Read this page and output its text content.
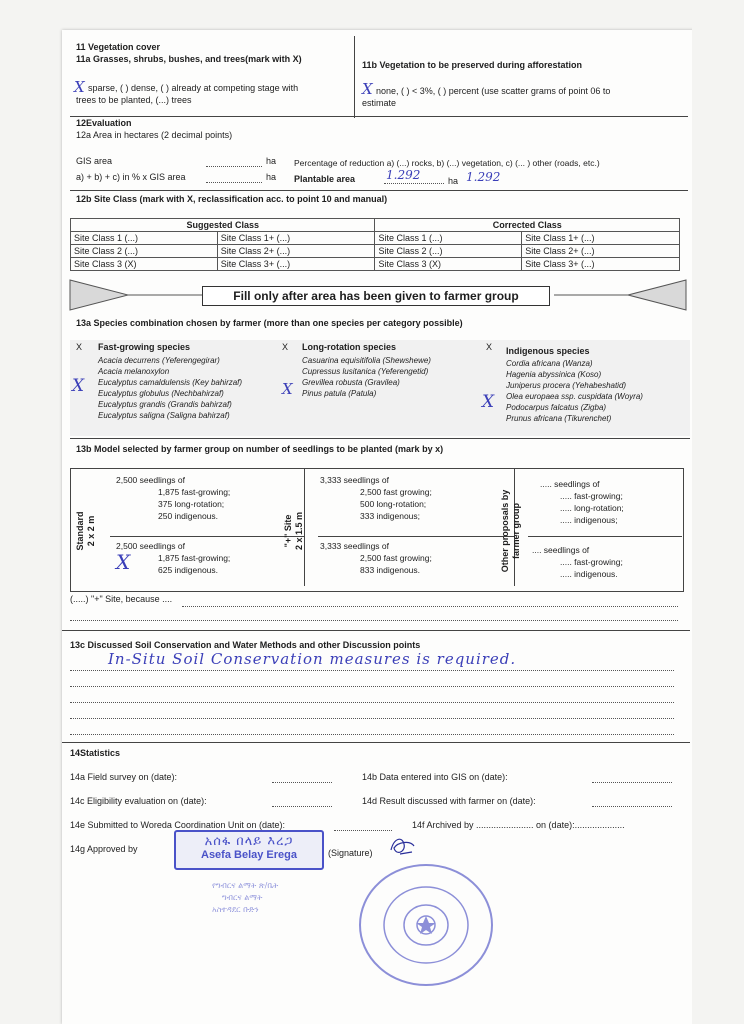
11 Vegetation cover
11a Grasses, shrubs, bushes, and trees(mark with X)
11b Vegetation to be preserved during afforestation
X sparse, ( ) dense, ( ) already at competing stage with
trees to be planted, (...) trees
X none, ( ) < 3%, ( ) percent (use scatter grams of point 06 to
estimate
12Evaluation
12a Area in hectares (2 decimal points)
GIS area	ha
a) + b) + c) in % x GIS area	ha
Percentage of reduction a) (...) rocks, b) (...) vegetation, c) (... ) other (roads, etc.)
Plantable area	1.292	ha 1.292
12b Site Class (mark with X, reclassification acc. to point 10 and manual)
Suggested Class		Corrected Class	
Site Class 1 (...)	Site Class 1+ (...)	Site Class 1 (...)	Site Class 1+ (...)
Site Class 2 (...)	Site Class 2+ (...)	Site Class 2 (...)	Site Class 2+ (...)
Site Class 3 (X)	Site Class 3+ (...)	Site Class 3 (X)	Site Class 3+ (...)
Fill only after area has been given to farmer group
13a Species combination chosen by farmer (more than one species per category possible)
X Fast-growing species	X Long-rotation species	X Indigenous species
Acacia decurrens (Yeferengegirar)
Acacia melanoxylon
Eucalyptus camaldulensis (Key bahirzaf)
Eucalyptus globulus (Nechbahirzaf)
Eucalyptus grandis (Grandis bahirzaf)
Eucalyptus saligna (Saligna bahirzaf)
Casuarina equisitifolia (Shewshewe)
Cupressus lusitanica (Yeferengetid)
Grevillea robusta (Gravilea)
Pinus patula (Patula)
Cordia africana (Wanza)
Hagenia abyssinica (Koso)
Juniperus procera (Yehabeshatid)
Olea europaea ssp. cuspidata (Woyra)
Podocarpus falcatus (Zigba)
Prunus africana (Tikurenchet)
X	X
X
13b Model selected by farmer group on number of seedlings to be planted (mark by x)
Standard 2 x 2 m	"+" Site 2 x 1.5 m	Other proposals by farmer group
2,500 seedlings of
1,875 fast-growing;
375 long-rotation;
250 indigenous.
2,500 seedlings of
1,875 fast-growing;
625 indigenous.
X
3,333 seedlings of
2,500 fast growing;
500 long-rotation;
333 indigenous;
3,333 seedlings of
2,500 fast growing;
833 indigenous.
..... seedlings of
..... fast-growing;
..... long-rotation;
..... indigenous;
.... seedlings of
..... fast-growing;
..... indigenous.
(.....) "+" Site, because ....
13c Discussed Soil Conservation and Water Methods and other Discussion points
In-Situ Soil Conservation measures is required.
14Statistics
14a Field survey on (date):	14b Data entered into GIS on (date):
14c Eligibility evaluation on (date):	14d Result discussed with farmer on (date):
14e Submitted to Woreda Coordination Unit on (date):	14f Archived by ....................... on (date):....................
14g Approved by	(Signature)
አሰፋ በላይ እረጋ
Asefa Belay Erega
የግብርና ልማት ጽ/ቤት
ግብርና ልማት
አስተዳደር ቡድን
